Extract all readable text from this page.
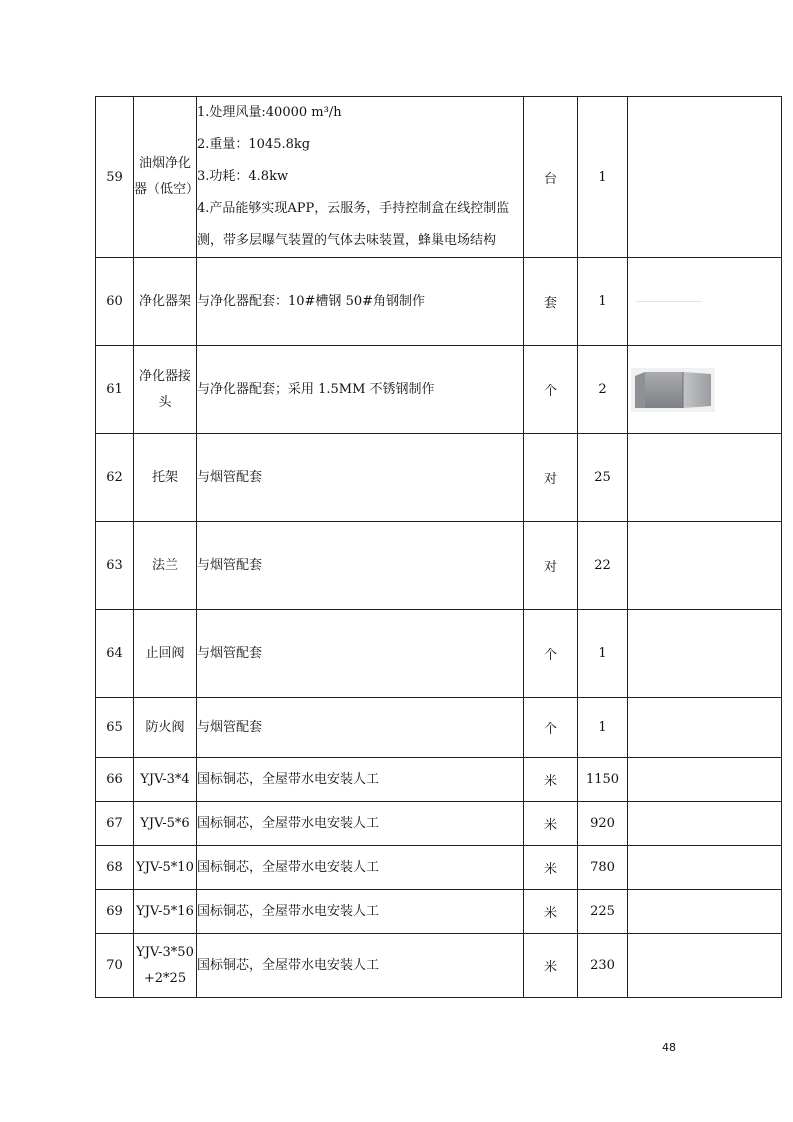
59	油烟净化
器（低空）	1.处理风量:40000 m³/h
2.重量：1045.8kg
3.功耗：4.8kw
4.产品能够实现APP，云服务，手持控制盒在线控制监
测，带多层曝气装置的气体去味装置，蜂巢电场结构	台	1	
60	净化器架	与净化器配套：10#槽钢 50#角钢制作	套	1	

61	净化器接
头	与净化器配套；采用 1.5MM 不锈钢制作	个	2	

62	托架	与烟管配套	对	25	
63	法兰	与烟管配套	对	22	
64	止回阀	与烟管配套	个	1	
65	防火阀	与烟管配套	个	1	
66	YJV-3*4	国标铜芯，全屋带水电安装人工	米	1150	
67	YJV-5*6	国标铜芯，全屋带水电安装人工	米	920	
68	YJV-5*10	国标铜芯，全屋带水电安装人工	米	780	
69	YJV-5*16	国标铜芯，全屋带水电安装人工	米	225	
70	YJV-3*50
+2*25	国标铜芯，全屋带水电安装人工	米	230	
48
